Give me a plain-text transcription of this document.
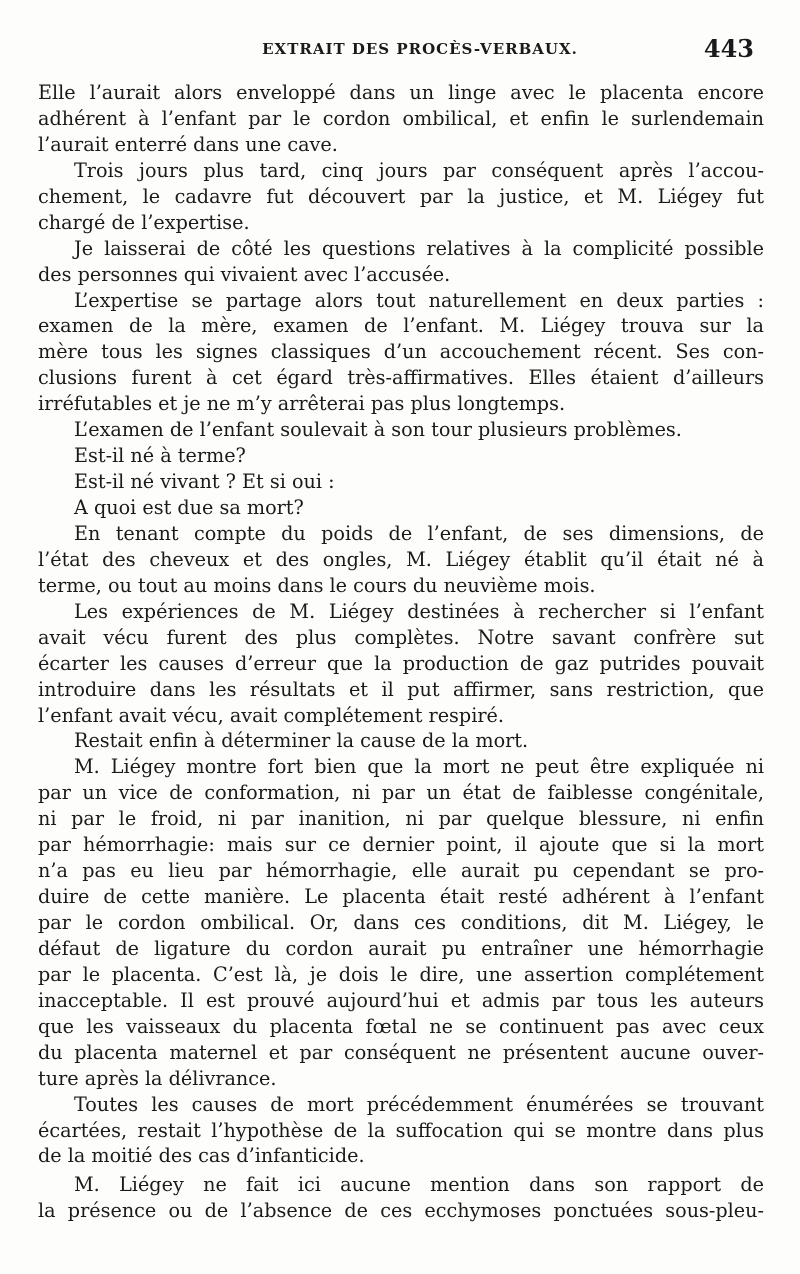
EXTRAIT DES PROCÈS-VERBAUX.	443
Elle l’aurait alors enveloppé dans un linge avec le placenta encore
adhérent à l’enfant par le cordon ombilical, et enfin le surlendemain
l’aurait enterré dans une cave.
Trois jours plus tard, cinq jours par conséquent après l’accou-
chement, le cadavre fut découvert par la justice, et M. Liégey fut
chargé de l’expertise.
Je laisserai de côté les questions relatives à la complicité possible
des personnes qui vivaient avec l’accusée.
L’expertise se partage alors tout naturellement en deux parties :
examen de la mère, examen de l’enfant. M. Liégey trouva sur la
mère tous les signes classiques d’un accouchement récent. Ses con-
clusions furent à cet égard très-affirmatives. Elles étaient d’ailleurs
irréfutables et je ne m’y arrêterai pas plus longtemps.
L’examen de l’enfant soulevait à son tour plusieurs problèmes.
Est-il né à terme?
Est-il né vivant ? Et si oui :
A quoi est due sa mort?
En tenant compte du poids de l’enfant, de ses dimensions, de
l’état des cheveux et des ongles, M. Liégey établit qu’il était né à
terme, ou tout au moins dans le cours du neuvième mois.
Les expériences de M. Liégey destinées à rechercher si l’enfant
avait vécu furent des plus complètes. Notre savant confrère sut
écarter les causes d’erreur que la production de gaz putrides pouvait
introduire dans les résultats et il put affirmer, sans restriction, que
l’enfant avait vécu, avait complétement respiré.
Restait enfin à déterminer la cause de la mort.
M. Liégey montre fort bien que la mort ne peut être expliquée ni
par un vice de conformation, ni par un état de faiblesse congénitale,
ni par le froid, ni par inanition, ni par quelque blessure, ni enfin
par hémorrhagie: mais sur ce dernier point, il ajoute que si la mort
n’a pas eu lieu par hémorrhagie, elle aurait pu cependant se pro-
duire de cette manière. Le placenta était resté adhérent à l’enfant
par le cordon ombilical. Or, dans ces conditions, dit M. Liégey, le
défaut de ligature du cordon aurait pu entraîner une hémorrhagie
par le placenta. C’est là, je dois le dire, une assertion complétement
inacceptable. Il est prouvé aujourd’hui et admis par tous les auteurs
que les vaisseaux du placenta fœtal ne se continuent pas avec ceux
du placenta maternel et par conséquent ne présentent aucune ouver-
ture après la délivrance.
Toutes les causes de mort précédemment énumérées se trouvant
écartées, restait l’hypothèse de la suffocation qui se montre dans plus
de la moitié des cas d’infanticide.
M. Liégey ne fait ici aucune mention dans son rapport de
la présence ou de l’absence de ces ecchymoses ponctuées sous-pleu-
